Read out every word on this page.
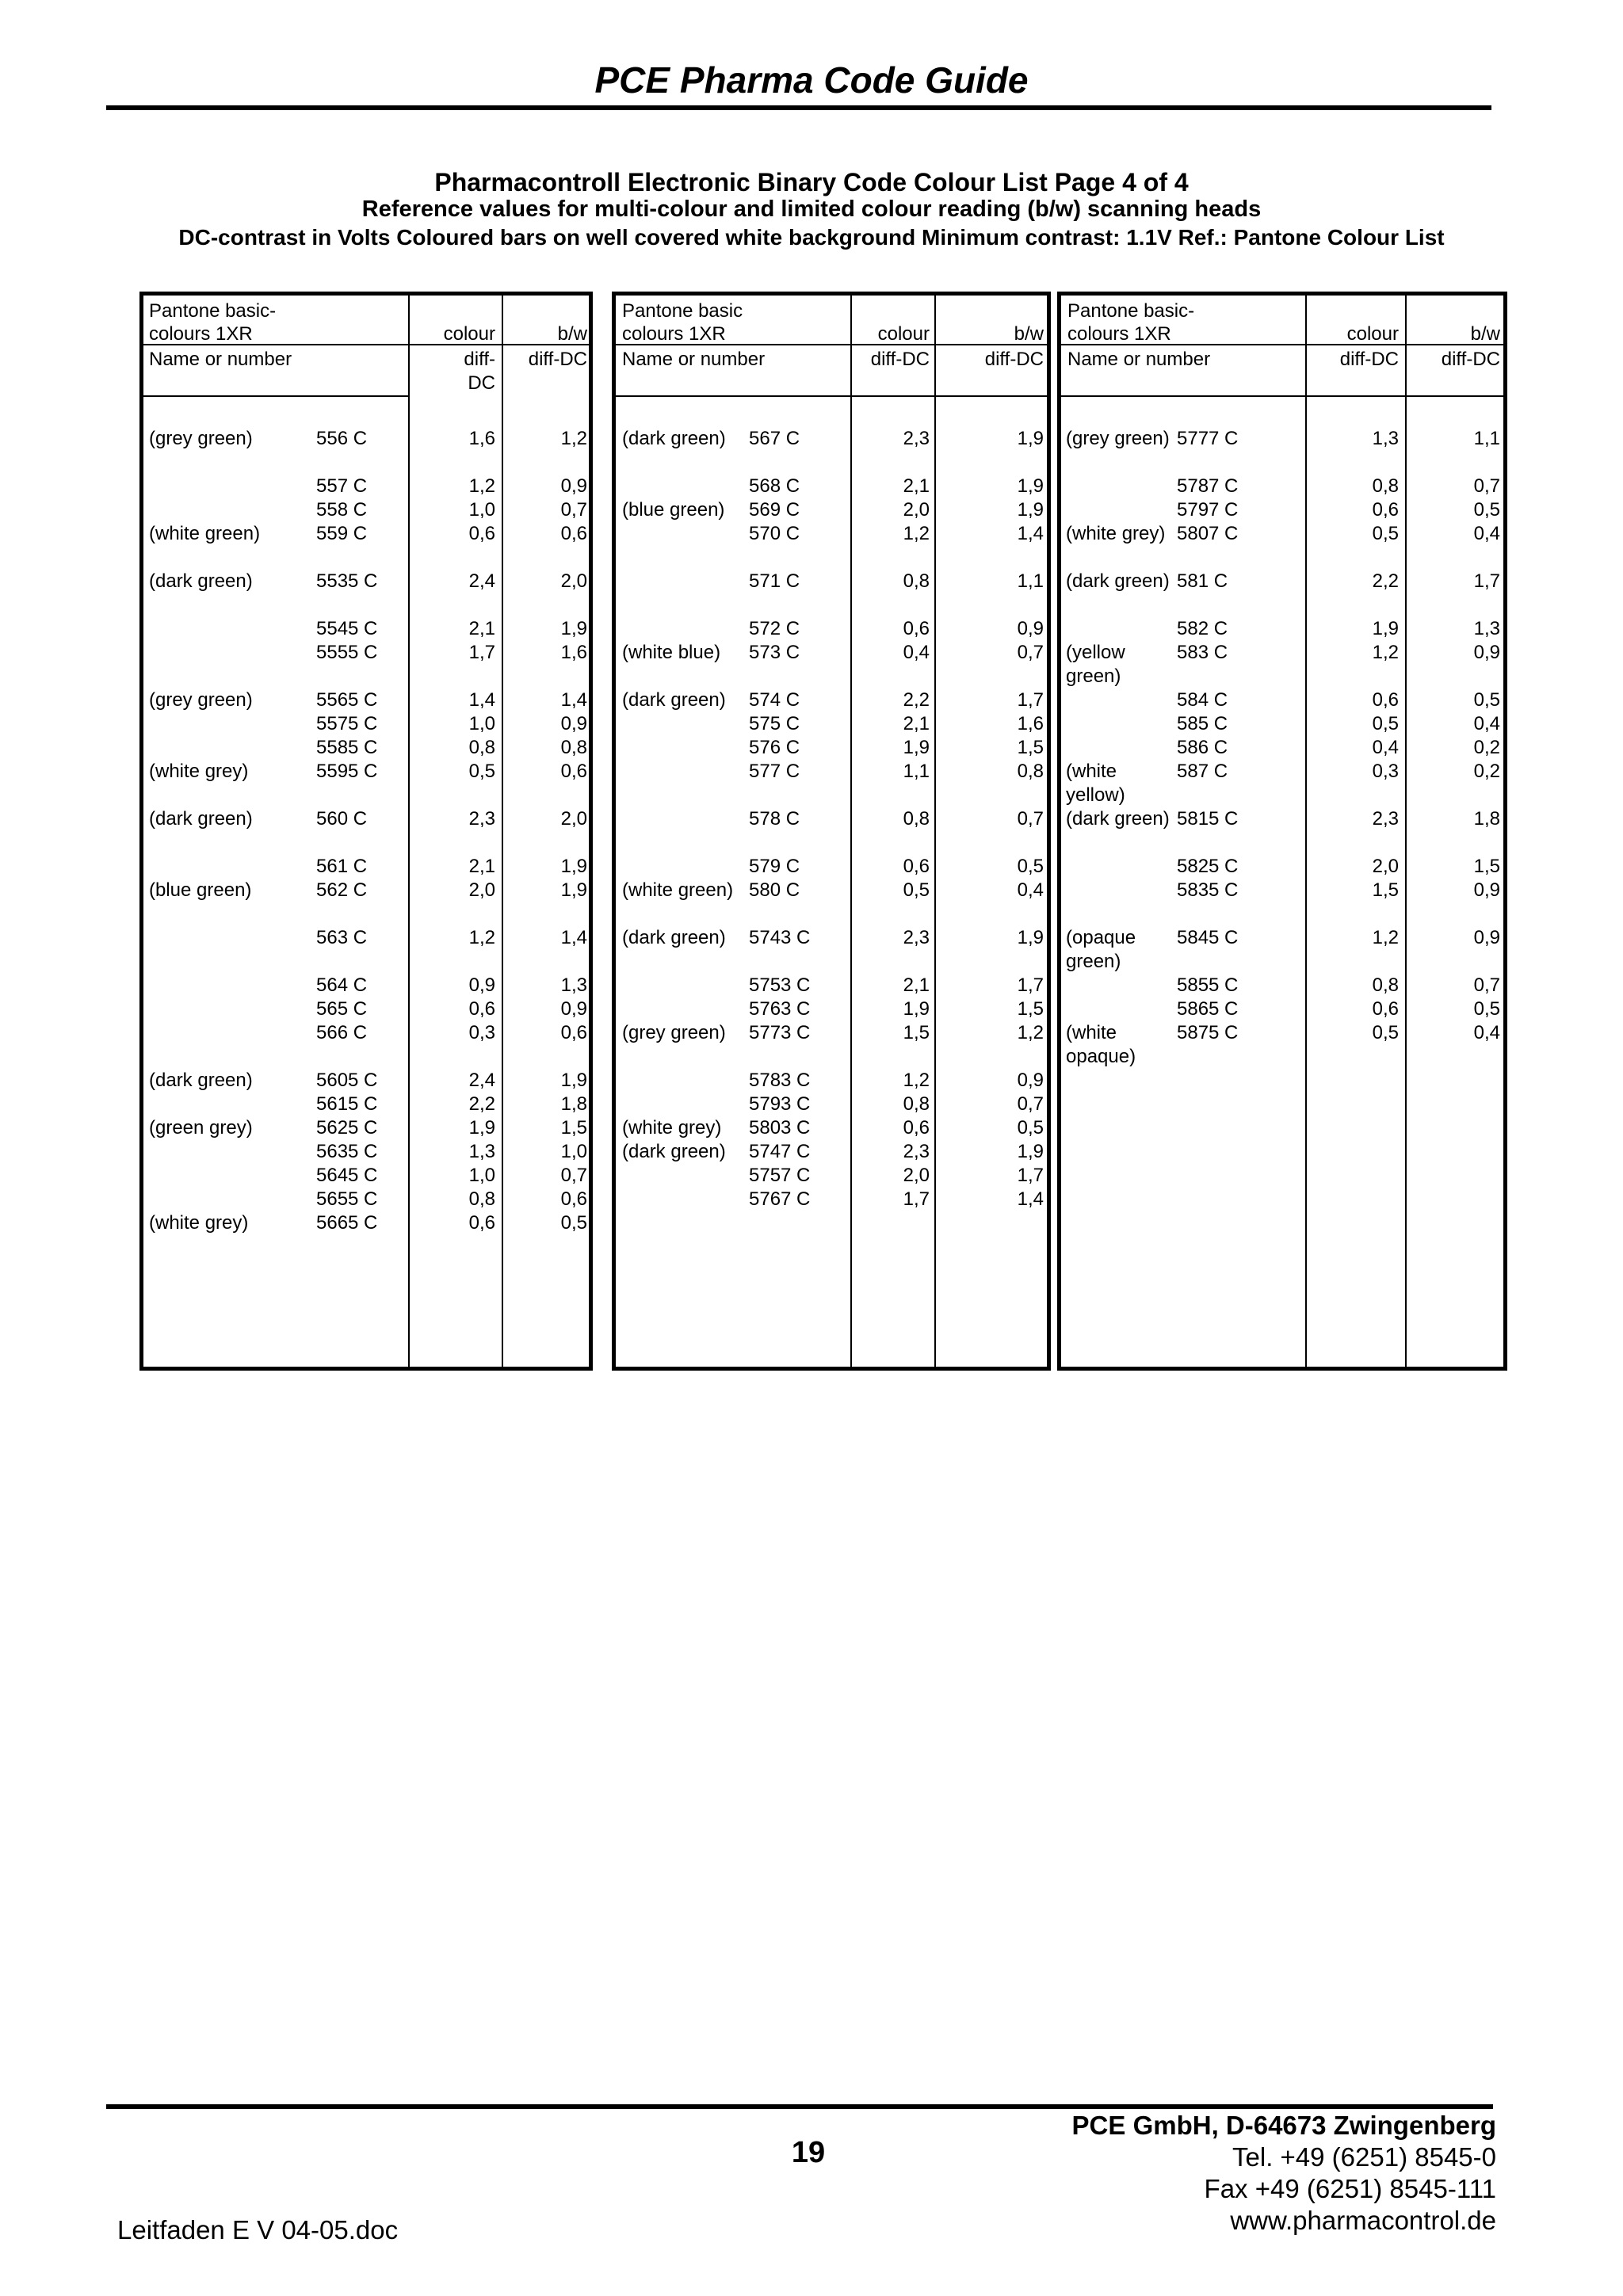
PCE Pharma Code Guide
Pharmacontroll Electronic Binary Code Colour List Page 4 of 4
Reference values for multi-colour and limited colour reading (b/w) scanning heads
DC-contrast in Volts Coloured bars on well covered white background Minimum contrast: 1.1V Ref.: Pantone Colour List
Pantone basic-
colours 1XR	colour	b/w
Name or number	diff-
DC
diff-DC
(grey green)	556 C	1,6	1,2
557 C	1,2	0,9
558 C	1,0	0,7
(white green)	559 C	0,6	0,6
(dark green)	5535 C	2,4	2,0
5545 C	2,1	1,9
5555 C	1,7	1,6
(grey green)	5565 C	1,4	1,4
5575 C	1,0	0,9
5585 C	0,8	0,8
(white grey)	5595 C	0,5	0,6
(dark green)	560 C	2,3	2,0
561 C	2,1	1,9
(blue green)	562 C	2,0	1,9
563 C	1,2	1,4
564 C	0,9	1,3
565 C	0,6	0,9
566 C	0,3	0,6
(dark green)	5605 C	2,4	1,9
5615 C	2,2	1,8
(green grey)	5625 C	1,9	1,5
5635 C	1,3	1,0
5645 C	1,0	0,7
5655 C	0,8	0,6
(white grey)	5665 C	0,6	0,5
Pantone basic
colours 1XR	colour	b/w
Name or number	diff-DC	diff-DC
(dark green)	567 C	2,3	1,9
568 C	2,1	1,9
(blue green)	569 C	2,0	1,9
570 C	1,2	1,4
571 C	0,8	1,1
572 C	0,6	0,9
(white blue)	573 C	0,4	0,7
(dark green)	574 C	2,2	1,7
575 C	2,1	1,6
576 C	1,9	1,5
577 C	1,1	0,8
578 C	0,8	0,7
579 C	0,6	0,5
(white green) 580 C	0,5	0,4
(dark green)	5743 C	2,3	1,9
5753 C	2,1	1,7
5763 C	1,9	1,5
(grey green)	5773 C	1,5	1,2
5783 C	1,2	0,9
5793 C	0,8	0,7
(white grey)	5803 C	0,6	0,5
(dark green)	5747 C	2,3	1,9
5757 C	2,0	1,7
5767 C	1,7	1,4
Pantone basic-
colours 1XR	colour	b/w
Name or number	diff-DC	diff-DC
(grey green) 5777 C	1,3	1,1
5787 C	0,8	0,7
5797 C	0,6	0,5
(white grey) 5807 C	0,5	0,4
(dark green) 581 C	2,2	1,7
582 C	1,9	1,3
(yellow green)
583 C	1,2	0,9
584 C	0,6	0,5
585 C	0,5	0,4
586 C	0,4	0,2
(white yellow)
587 C	0,3	0,2
(dark green) 5815 C	2,3	1,8
5825 C	2,0	1,5
5835 C	1,5	0,9
(opaque green)
5845 C	1,2	0,9
5855 C	0,8	0,7
5865 C	0,6	0,5
(white opaque)
5875 C	0,5	0,4
19
PCE GmbH, D-64673 Zwingenberg
Tel. +49 (6251) 8545-0
Fax +49 (6251) 8545-111
www.pharmacontrol.de
Leitfaden E V 04-05.doc
